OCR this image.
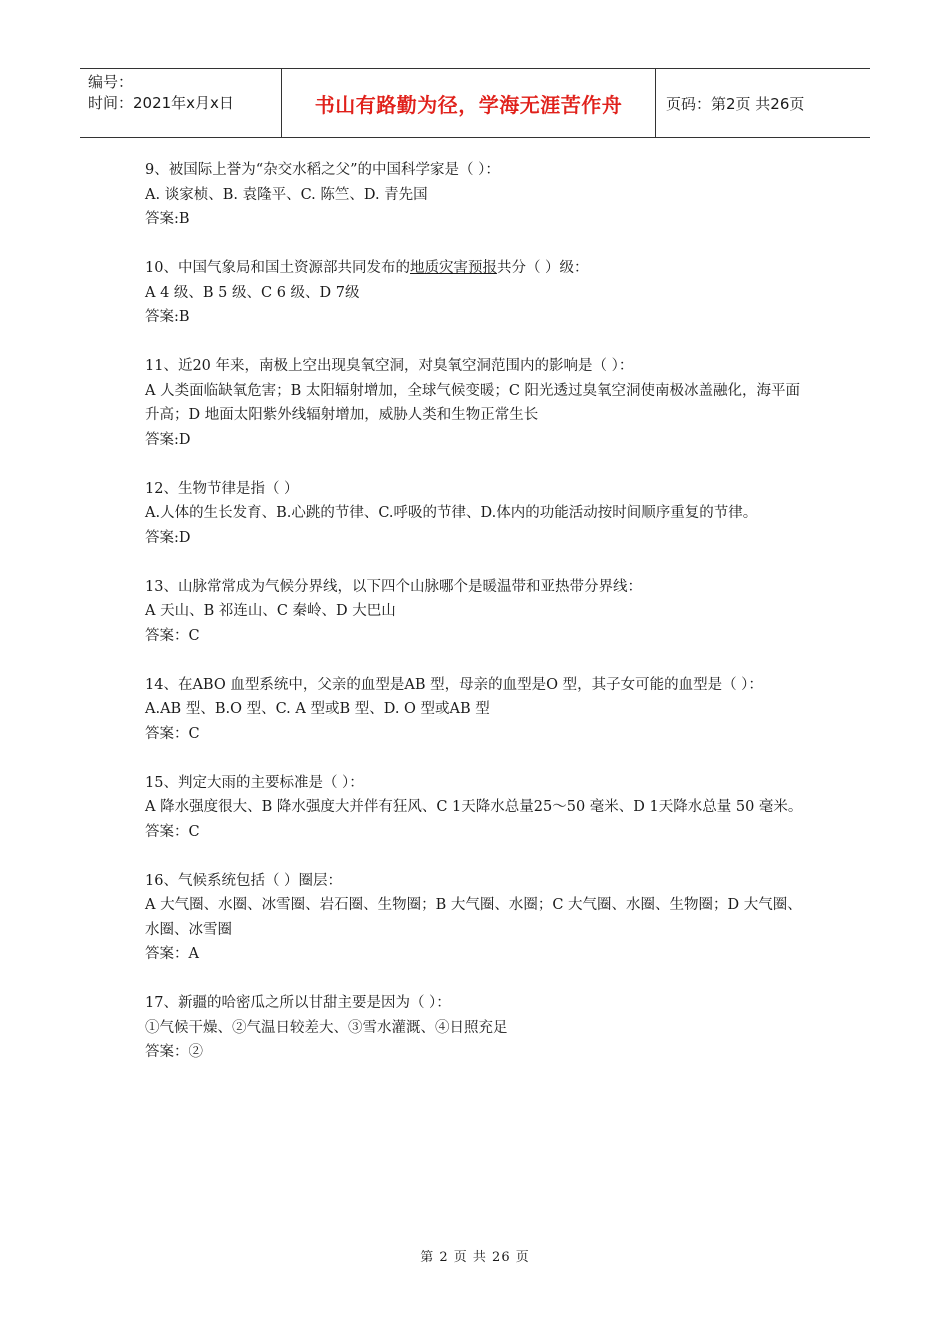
编号：
时间：2021年x月x日	书山有路勤为径，学海无涯苦作舟	页码：第2页 共26页

9、被国际上誉为“杂交水稻之父”的中国科学家是（ ）：

A. 谈家桢、B. 袁隆平、C. 陈竺、D. 青先国

答案:B

10、中国气象局和国土资源部共同发布的地质灾害预报共分（ ）级：

A 4 级、B 5 级、C 6 级、D 7级

答案:B

11、近20 年来，南极上空出现臭氧空洞，对臭氧空洞范围内的影响是（ ）：

A 人类面临缺氧危害；B 太阳辐射增加，全球气候变暖；C 阳光透过臭氧空洞使南极冰盖融化，海平面升高；D 地面太阳紫外线辐射增加，威胁人类和生物正常生长

答案:D

12、生物节律是指（ ）

A.人体的生长发育、B.心跳的节律、C.呼吸的节律、D.体内的功能活动按时间顺序重复的节律。

答案:D

13、山脉常常成为气候分界线，以下四个山脉哪个是暖温带和亚热带分界线：

A 天山、B 祁连山、C 秦岭、D 大巴山

答案：C

14、在ABO 血型系统中，父亲的血型是AB 型，母亲的血型是O 型，其子女可能的血型是（ ）：

A.AB 型、B.O 型、C. A 型或B 型、D. O 型或AB 型

答案：C

15、判定大雨的主要标准是（ ）：

A 降水强度很大、B 降水强度大并伴有狂风、C 1天降水总量25～50 毫米、D 1天降水总量 50 毫米。

答案：C

16、气候系统包括（ ）圈层：

A 大气圈、水圈、冰雪圈、岩石圈、生物圈；B 大气圈、水圈；C 大气圈、水圈、生物圈；D 大气圈、水圈、冰雪圈

答案：A

17、新疆的哈密瓜之所以甘甜主要是因为（ ）：

①气候干燥、②气温日较差大、③雪水灌溉、④日照充足

答案：②

第 2 页 共 26 页
